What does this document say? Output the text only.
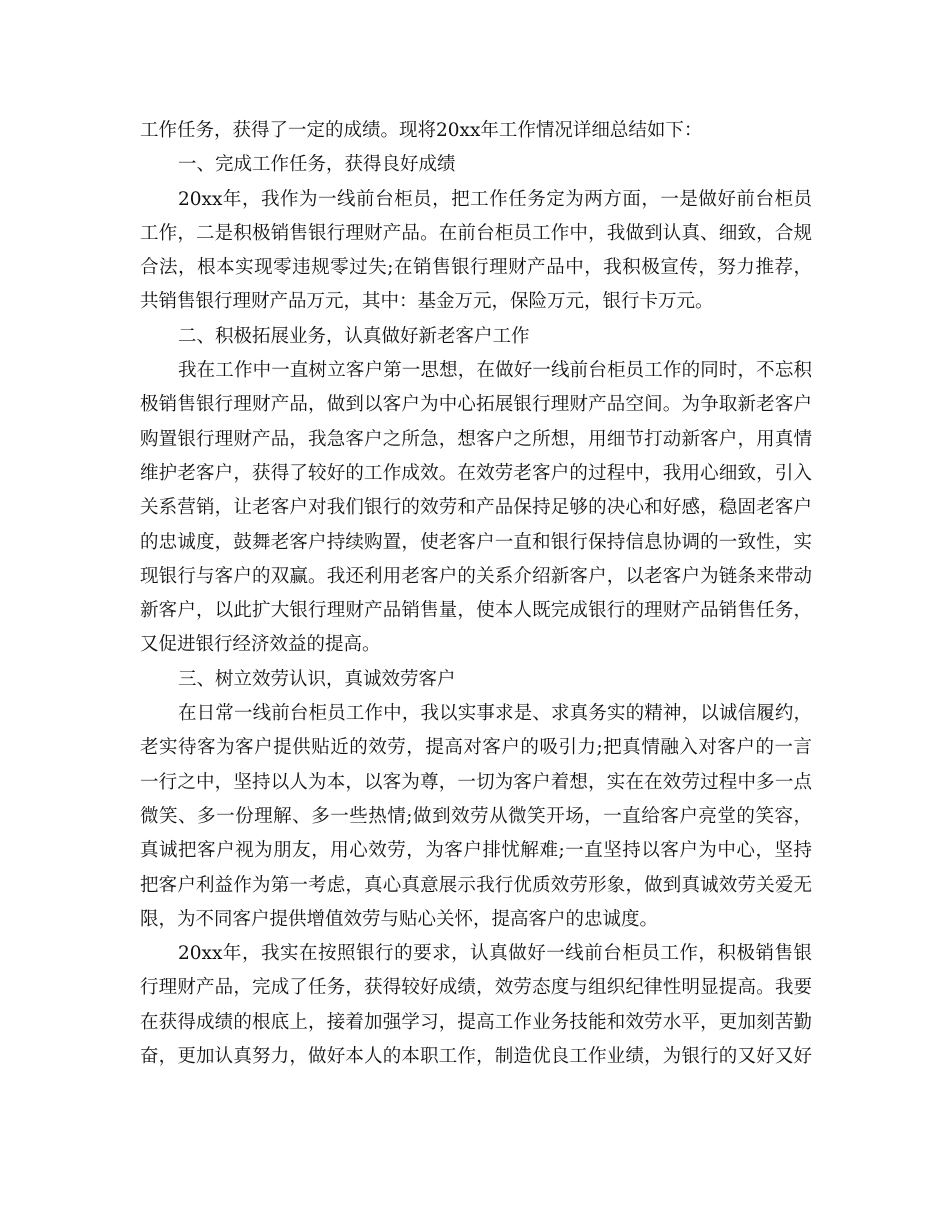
工作任务，获得了一定的成绩。现将20xx年工作情况详细总结如下：
一、完成工作任务，获得良好成绩
20xx年，我作为一线前台柜员，把工作任务定为两方面，一是做好前台柜员
工作，二是积极销售银行理财产品。在前台柜员工作中，我做到认真、细致，合规
合法，根本实现零违规零过失;在销售银行理财产品中，我积极宣传，努力推荐，
共销售银行理财产品万元，其中：基金万元，保险万元，银行卡万元。
二、积极拓展业务，认真做好新老客户工作
我在工作中一直树立客户第一思想，在做好一线前台柜员工作的同时，不忘积
极销售银行理财产品，做到以客户为中心拓展银行理财产品空间。为争取新老客户
购置银行理财产品，我急客户之所急，想客户之所想，用细节打动新客户，用真情
维护老客户，获得了较好的工作成效。在效劳老客户的过程中，我用心细致，引入
关系营销，让老客户对我们银行的效劳和产品保持足够的决心和好感，稳固老客户
的忠诚度，鼓舞老客户持续购置，使老客户一直和银行保持信息协调的一致性，实
现银行与客户的双赢。我还利用老客户的关系介绍新客户，以老客户为链条来带动
新客户，以此扩大银行理财产品销售量，使本人既完成银行的理财产品销售任务，
又促进银行经济效益的提高。
三、树立效劳认识，真诚效劳客户
在日常一线前台柜员工作中，我以实事求是、求真务实的精神，以诚信履约，
老实待客为客户提供贴近的效劳，提高对客户的吸引力;把真情融入对客户的一言
一行之中，坚持以人为本，以客为尊，一切为客户着想，实在在效劳过程中多一点
微笑、多一份理解、多一些热情;做到效劳从微笑开场，一直给客户亮堂的笑容，
真诚把客户视为朋友，用心效劳，为客户排忧解难;一直坚持以客户为中心，坚持
把客户利益作为第一考虑，真心真意展示我行优质效劳形象，做到真诚效劳关爱无
限，为不同客户提供增值效劳与贴心关怀，提高客户的忠诚度。
20xx年，我实在按照银行的要求，认真做好一线前台柜员工作，积极销售银
行理财产品，完成了任务，获得较好成绩，效劳态度与组织纪律性明显提高。我要
在获得成绩的根底上，接着加强学习，提高工作业务技能和效劳水平，更加刻苦勤
奋，更加认真努力，做好本人的本职工作，制造优良工作业绩，为银行的又好又好
